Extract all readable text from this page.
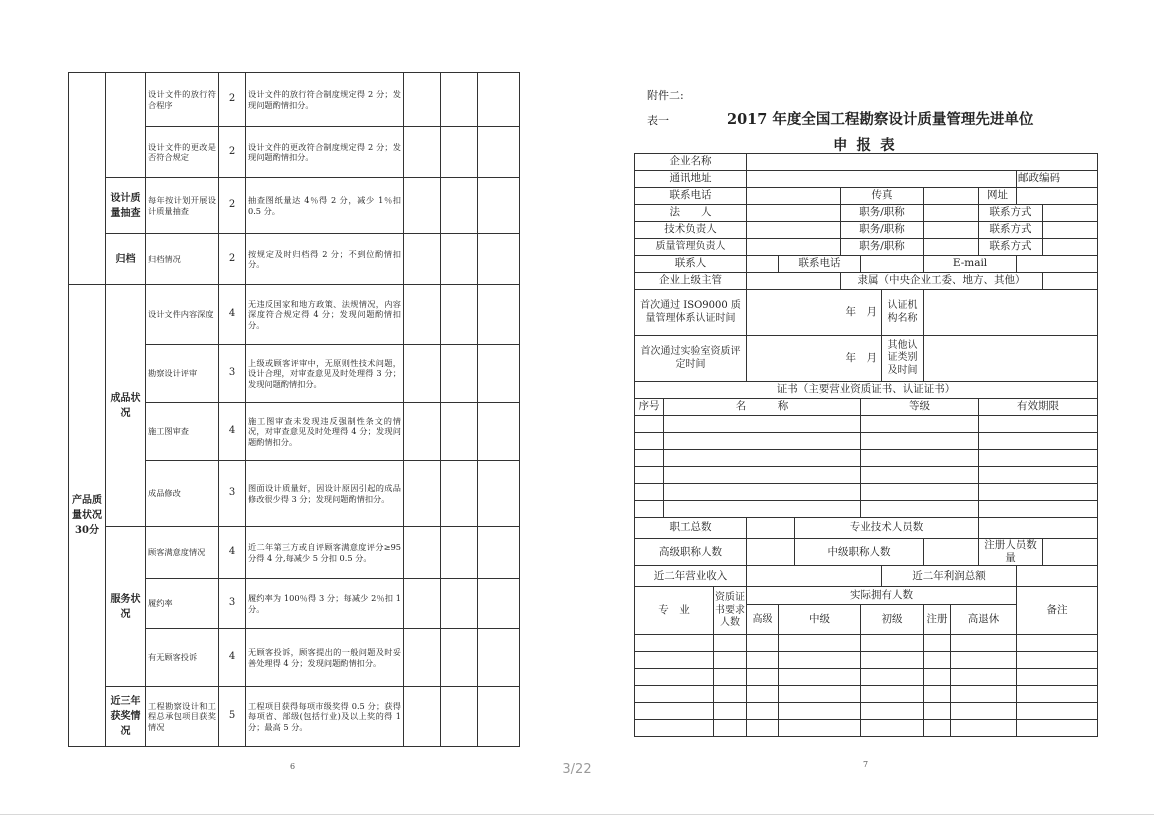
		设计文件的放行符合程序	2	设计文件的放行符合制度规定得 2 分；发现问题酌情扣分。			
		设计文件的更改是否符合规定	2	设计文件的更改符合制度规定得 2 分；发现问题酌情扣分。			
	设计质量抽查	每年按计划开展设计质量抽查	2	抽查图纸量达 4％得 2 分，减少 1％扣 0.5 分。			
	归档	归档情况	2	按规定及时归档得 2 分；不到位酌情扣分。			
产品质量状况30分	成品状况	设计文件内容深度	4	无违反国家和地方政策、法规情况，内容深度符合规定得 4 分；发现问题酌情扣分。			
		勘察设计评审	3	上级或顾客评审中，无原则性技术问题，设计合理，对审查意见及时处理得 3 分；发现问题酌情扣分。			
		施工图审查	4	施工图审查未发现违反强制性条文的情况，对审查意见及时处理得 4 分；发现问题酌情扣分。			
		成品修改	3	图面设计质量好，因设计原因引起的成品修改很少得 3 分；发现问题酌情扣分。			
	服务状况	顾客满意度情况	4	近二年第三方或自评顾客满意度评分≥95 分得 4 分,每减少 5 分扣 0.5 分。			
		履约率	3	履约率为 100％得 3 分；每减少 2％扣 1 分。			
		有无顾客投诉	4	无顾客投诉，顾客提出的一般问题及时妥善处理得 4 分；发现问题酌情扣分。			
	近三年获奖情况	工程勘察设计和工程总承包项目获奖情况	5	工程项目获得每项市级奖得 0.5 分；获得每项省、部级(包括行业)及以上奖的得 1 分；最高 5 分。			
6
附件二:
表一	2017 年度全国工程勘察设计质量管理先进单位
申 报 表
企业名称													
通讯地址												邮政编码	
联系电话						传真					网址		
法　　人						职务/职称					联系方式		
技术负责人						职务/职称					联系方式		
质量管理负责人						职务/职称					联系方式		
联系人				联系电话					E-mail				
企业上级主管						隶属（中央企业工委、地方、其他）							
首次通过 ISO9000 质量管理体系认证时间			年　月					认证机构名称					
首次通过实验室资质评定时间			年　月					其他认证类别及时间					
证书（主要营业资质证书、认证证书）													
序号	名　　　称						等级				有效期限		

职工总数					专业技术人员数								
高级职称人数					中级职称人数						注册人员数量		
近二年营业收入								近二年利润总额					
专　业		资质证书要求人数	实际拥有人数									备注	
			高级	中级			初级		注册	高退休			

7
3/22
